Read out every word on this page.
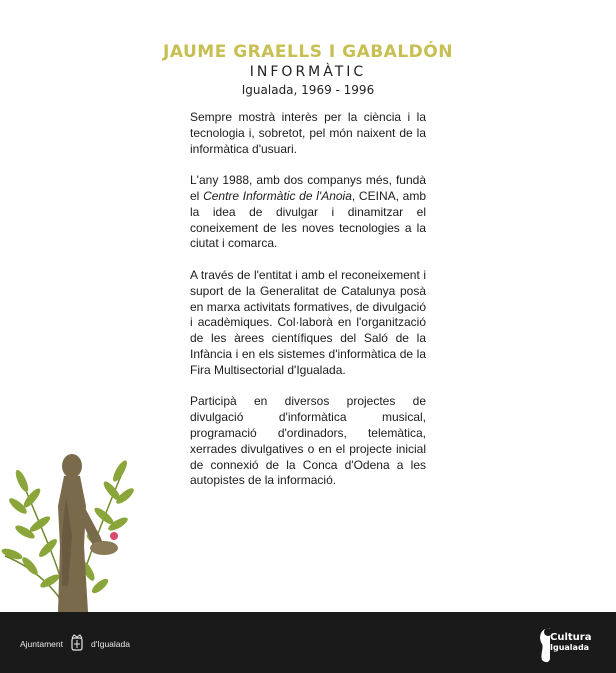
JAUME GRAELLS I GABALDÓN
INFORMÀTIC
Igualada, 1969 - 1996

Sempre mostrà interès per la ciència i la tecnologia i, sobretot, pel món naixent de la informàtica d'usuari.

L'any 1988, amb dos companys més, fundà el Centre Informàtic de l'Anoia, CEINA, amb la idea de divulgar i dinamitzar el coneixement de les noves tecnologies a la ciutat i comarca.

A través de l'entitat i amb el reconeixement i suport de la Generalitat de Catalunya posà en marxa activitats formatives, de divulgació i acadèmiques. Col·laborà en l'organització de les àrees científiques del Saló de la Infància i en els sistemes d'informàtica de la Fira Multisectorial d'Igualada.

Participà en diversos projectes de divulgació d'informàtica musical, programació d'ordinadors, telemàtica, xerrades divulgatives o en el projecte inicial de connexió de la Conca d'Odena a les autopistes de la informació.

Ajuntament	d'Igualada
Cultura
Igualada
